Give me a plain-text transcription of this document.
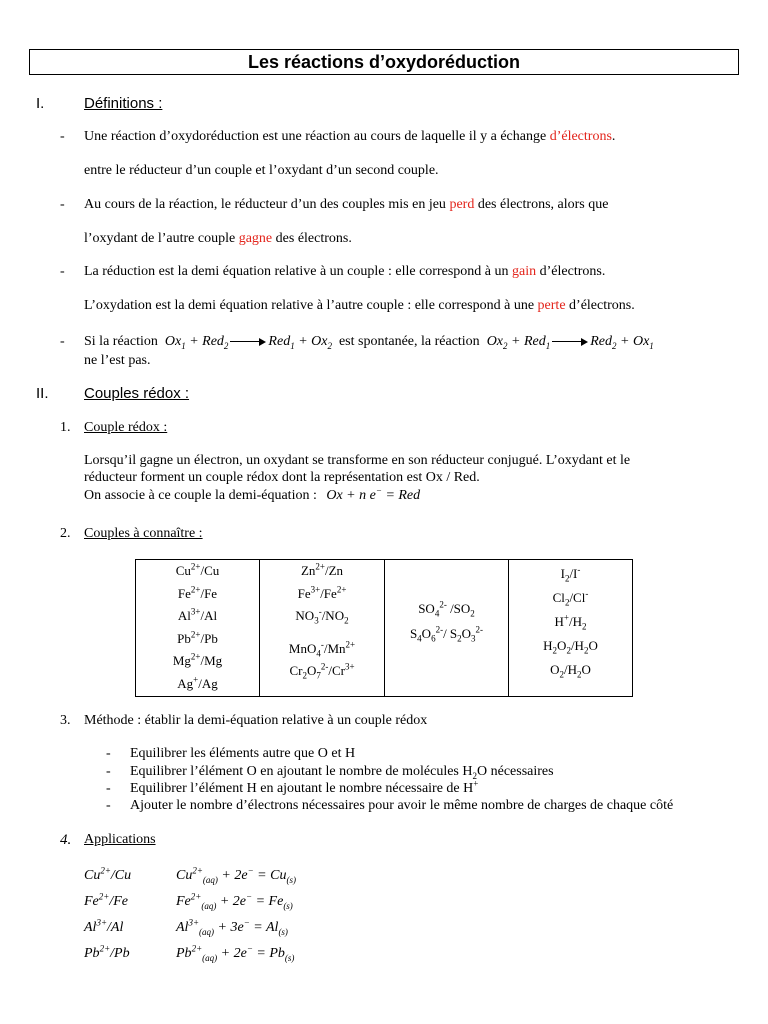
Les réactions d’oxydoréduction
I.	Définitions :
- Une réaction d’oxydoréduction est une réaction au cours de laquelle il y a échange d’électrons.
entre le réducteur d’un couple et l’oxydant d’un second couple.
- Au cours de la réaction, le réducteur d’un des couples mis en jeu perd des électrons, alors que
l’oxydant de l’autre couple gagne des électrons.
- La réduction est la demi équation relative à un couple : elle correspond à un gain d’électrons.
L’oxydation est la demi équation relative à l’autre couple : elle correspond à une perte d’électrons.
- Si la réaction $Ox_1 + Red_2$	$Red_1 + Ox_2$ est spontanée, la réaction $Ox_2 + Red_1$	$Red_2 + Ox_1$
ne l’est pas.
II. Couples rédox :
1. Couple rédox :
Lorsqu’il gagne un électron, un oxydant se transforme en son réducteur conjugué. L’oxydant et le
réducteur forment un couple rédox dont la représentation est Ox / Red.
On associe à ce couple la demi-équation : Ox + n e− = Red
2. Couples à connaître :
$Cu^{2+}/Cu$
$Fe^{2+}/Fe$
$Al^{3+}/Al$
$Pb^{2+}/Pb$
$Mg^{2+}/Mg$
Ag+/Ag

$Zn^{2+}/Zn$
$Fe^{3+}/Fe^{2+}$
$NO_3^-/NO_2$
$MnO_4^-/Mn^{2+}$
$Cr_2O_7^{2-}/Cr^{3+}$

$SO_4^{2-}$ $/SO_2$
$S_4O_6^{2-}/$ $S_2O_3^{2-}$

$I_2/I^-$
$Cl_2/Cl^-$
$H^+/H_2$
$H_2O_2/H_2O$
$O_2/H_2O$
3. Méthode : établir la demi-équation relative à un couple rédox
- Equilibrer les éléments autre que O et H
- Equilibrer l’élément O en ajoutant le nombre de molécules $H_2O$ nécessaires
- Equilibrer l’élément H en ajoutant le nombre nécessaire de H+
- Ajouter le nombre d’électrons nécessaires pour avoir le même nombre de charges de chaque côté
4. Applications
$Cu^{2+}/Cu$	$Cu^{2+}_{(aq)} + 2e^- = Cu_{(s)}$
$Fe^{2+}/Fe$	$Fe^{2+}_{(aq)} + 2e^- = Fe_{(s)}$
$Al^{3+}/Al$	$Al^{3+}_{(aq)} + 3e^- = Al_{(s)}$
$Pb^{2+}/Pb$	$Pb^{2+}_{(aq)} + 2e^- = Pb_{(s)}$
